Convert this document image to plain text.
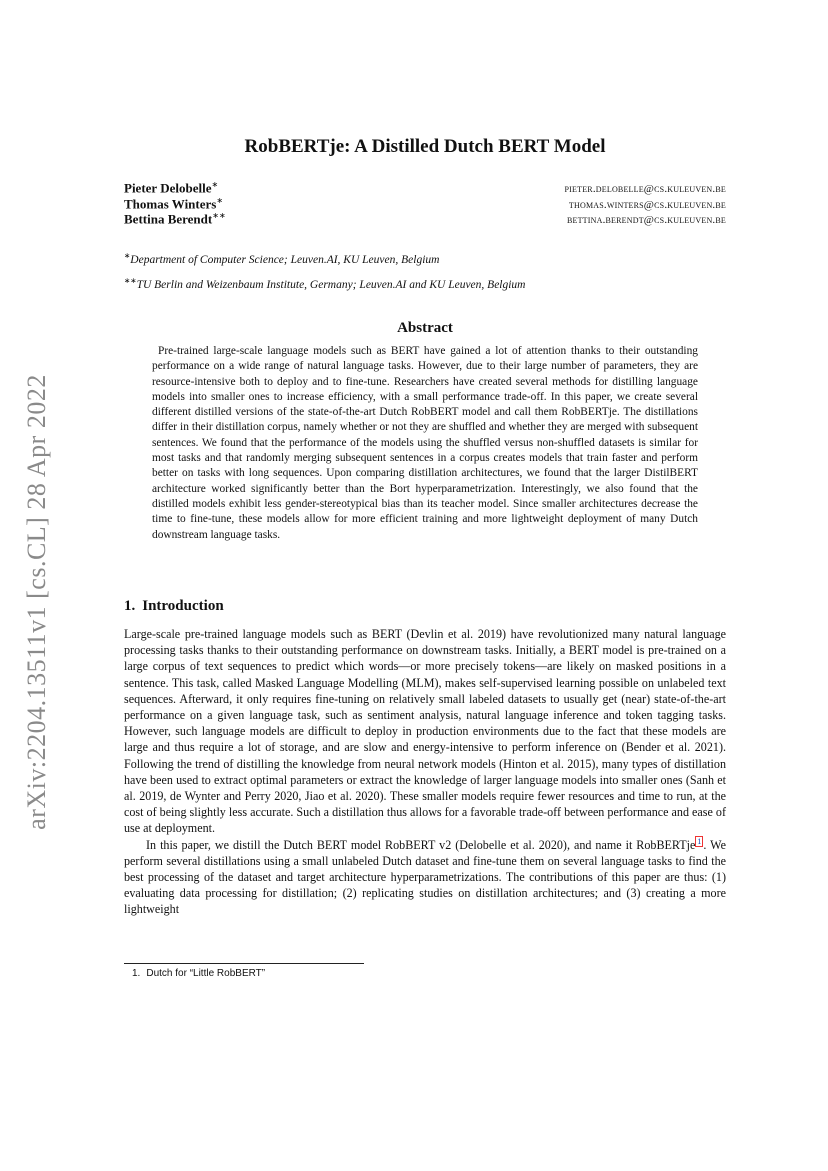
arXiv:2204.13511v1 [cs.CL] 28 Apr 2022
RobBERTje: A Distilled Dutch BERT Model
Pieter Delobelle∗	pieter.delobelle@cs.kuleuven.be
Thomas Winters∗	thomas.winters@cs.kuleuven.be
Bettina Berendt∗∗	bettina.berendt@cs.kuleuven.be
∗Department of Computer Science; Leuven.AI, KU Leuven, Belgium
∗∗TU Berlin and Weizenbaum Institute, Germany; Leuven.AI and KU Leuven, Belgium
Abstract

Pre-trained large-scale language models such as BERT have gained a lot of attention thanks to their outstanding performance on a wide range of natural language tasks. However, due to their large number of parameters, they are resource-intensive both to deploy and to fine-tune. Researchers have created several methods for distilling language models into smaller ones to increase efficiency, with a small performance trade-off. In this paper, we create several different distilled versions of the state-of-the-art Dutch RobBERT model and call them RobBERTje. The distillations differ in their distillation corpus, namely whether or not they are shuffled and whether they are merged with subsequent sentences. We found that the performance of the models using the shuffled versus non-shuffled datasets is similar for most tasks and that randomly merging subsequent sentences in a corpus creates models that train faster and perform better on tasks with long sequences. Upon comparing distillation architectures, we found that the larger DistilBERT architecture worked significantly better than the Bort hyperparametrization. Interestingly, we also found that the distilled models exhibit less gender-stereotypical bias than its teacher model. Since smaller architectures decrease the time to fine-tune, these models allow for more efficient training and more lightweight deployment of many Dutch downstream language tasks.

1. Introduction

Large-scale pre-trained language models such as BERT (Devlin et al. 2019) have revolutionized many natural language processing tasks thanks to their outstanding performance on downstream tasks. Initially, a BERT model is pre-trained on a large corpus of text sequences to predict which words—or more precisely tokens—are likely on masked positions in a sentence. This task, called Masked Language Modelling (MLM), makes self-supervised learning possible on unlabeled text sequences. Afterward, it only requires fine-tuning on relatively small labeled datasets to usually get (near) state-of-the-art performance on a given language task, such as sentiment analysis, natural language inference and token tagging tasks. However, such language models are difficult to deploy in production environments due to the fact that these models are large and thus require a lot of storage, and are slow and energy-intensive to perform inference on (Bender et al. 2021). Following the trend of distilling the knowledge from neural network models (Hinton et al. 2015), many types of distillation have been used to extract optimal parameters or extract the knowledge of larger language models into smaller ones (Sanh et al. 2019, de Wynter and Perry 2020, Jiao et al. 2020). These smaller models require fewer resources and time to run, at the cost of being slightly less accurate. Such a distillation thus allows for a favorable trade-off between performance and ease of use at deployment.

In this paper, we distill the Dutch BERT model RobBERT v2 (Delobelle et al. 2020), and name it RobBERTje $^1$ . We perform several distillations using a small unlabeled Dutch dataset and fine-tune them on several language tasks to find the best processing of the dataset and target architecture hyperparametrizations. The contributions of this paper are thus: (1) evaluating data processing for distillation; (2) replicating studies on distillation architectures; and (3) creating a more lightweight

1. Dutch for “Little RobBERT”
